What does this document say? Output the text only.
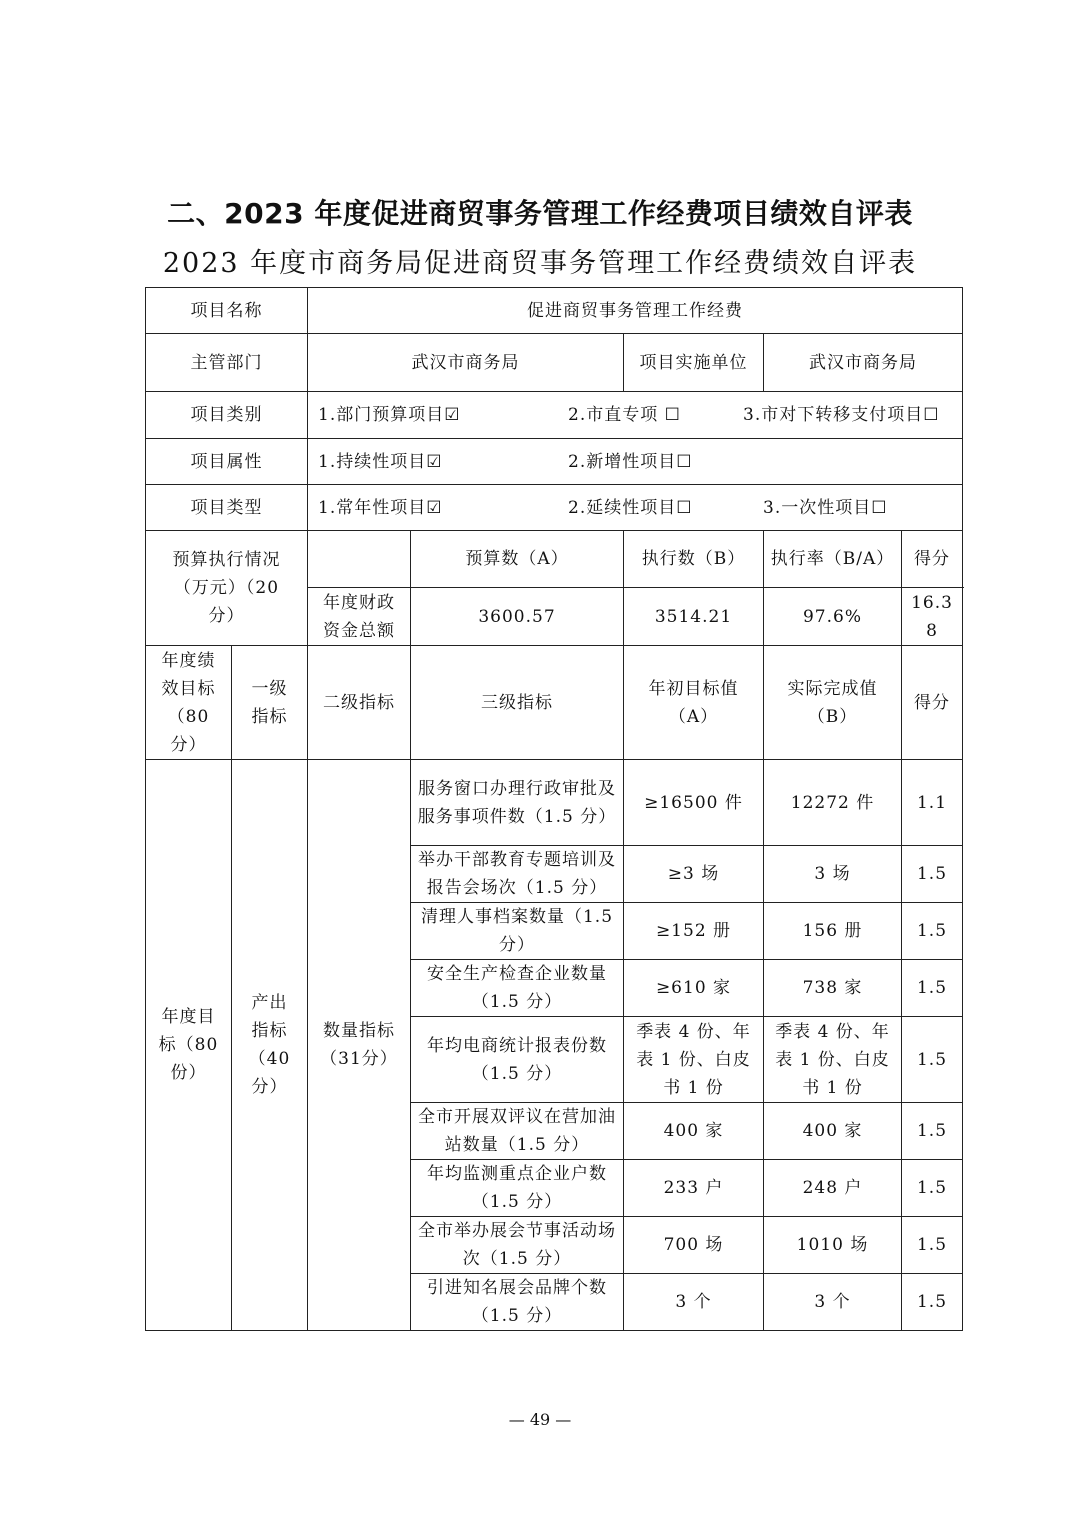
二、2023 年度促进商贸事务管理工作经费项目绩效自评表
2023 年度市商务局促进商贸事务管理工作经费绩效自评表
项目名称		促进商贸事务管理工作经费				
主管部门		武汉市商务局		项目实施单位	武汉市商务局	
项目类别		1.部门预算项目☑ 2.市直专项 ☐ 3.市对下转移支付项目☐				
项目属性		1.持续性项目☑ 2.新增性项目☐				
项目类型		1.常年性项目☑ 2.延续性项目☐ 3.一次性项目☐				
预算执行情况（万元）（20 分）			预算数（A）	执行数（B）	执行率（B/A）	得分
		年度财政资金总额	3600.57	3514.21	97.6%	16.38
年度绩效目标（80 分）	一级指标	二级指标	三级指标	年初目标值（A）	实际完成值（B）	得分
年度目标（80 份）	产出指标（40 分）	数量指标（31分）	服务窗口办理行政审批及服务事项件数（1.5 分）	≥16500 件	12272 件	1.1
			举办干部教育专题培训及报告会场次（1.5 分）	≥3 场	3 场	1.5
			清理人事档案数量（1.5 分）	≥152 册	156 册	1.5
			安全生产检查企业数量（1.5 分）	≥610 家	738 家	1.5
			年均电商统计报表份数（1.5 分）	季表 4 份、年表 1 份、白皮书 1 份	季表 4 份、年表 1 份、白皮书 1 份	1.5
			全市开展双评议在营加油站数量（1.5 分）	400 家	400 家	1.5
			年均监测重点企业户数（1.5 分）	233 户	248 户	1.5
			全市举办展会节事活动场次（1.5 分）	700 场	1010 场	1.5
			引进知名展会品牌个数（1.5 分）	3 个	3 个	1.5
— 49 —
